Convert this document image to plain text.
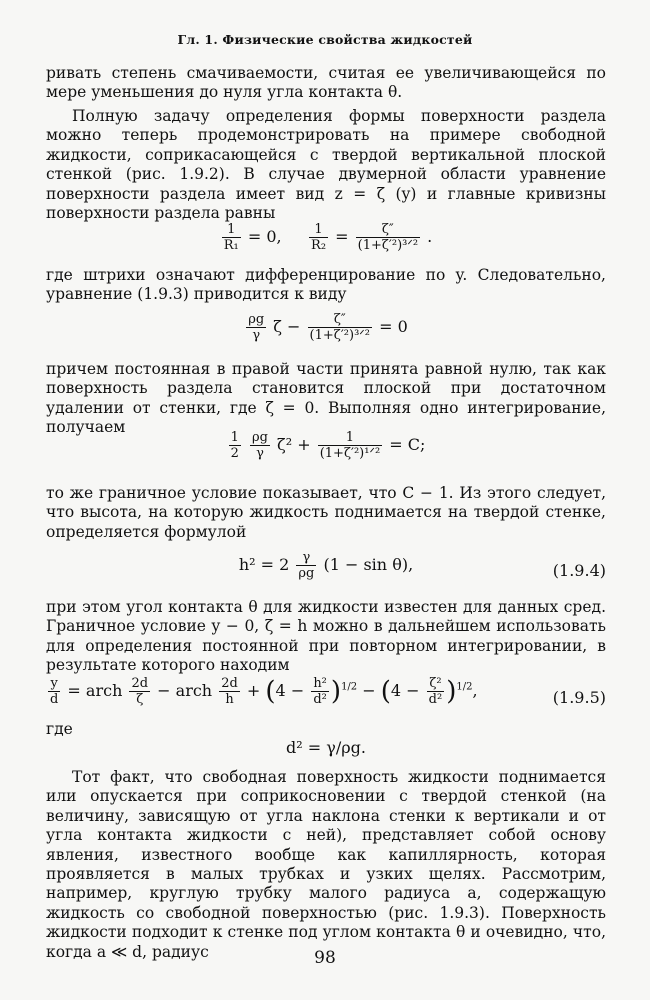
Гл. 1. Физические свойства жидкостей
ривать степень смачиваемости, считая ее увеличивающейся по мере уменьшения до нуля угла контакта θ.
Полную задачу определения формы поверхности раздела можно теперь продемонстрировать на примере свободной жидкости, соприкасающейся с твердой вертикальной плоской стенкой (рис. 1.9.2). В случае двумерной области уравнение поверхности раздела имеет вид z = ζ (y) и главные кривизны поверхности раздела равны
$\frac{1}{\text{R₁}} = 0$, $\frac{1}{\text{R₂}} = \frac{\zeta''}{\text{(1+ζ′²)³ᐟ²}}$ .
где штрихи означают дифференцирование по y. Следовательно, уравнение (1.9.3) приводится к виду
$\frac{\rho g}{\gamma}$ $\zeta - \frac{\zeta''}{\text{(1+ζ′²)³ᐟ²}} = 0$
причем постоянная в правой части принята равной нулю, так как поверхность раздела становится плоской при достаточном удалении от стенки, где ζ = 0. Выполняя одно интегрирование, получаем
$\frac{1}{2}$
$\frac{\rho g}{\gamma} \zeta^2 + \frac{1}{\text{(1+ζ′²)¹ᐟ²}} = C$;
то же граничное условие показывает, что C − 1. Из этого следует, что высота, на которую жидкость поднимается на твердой стенке, определяется формулой
$h^2 = 2 \frac{\gamma}{\rho g} (1 - \sin \theta)$,	(1.9.4)
при этом угол контакта θ для жидкости известен для данных сред. Граничное условие y − 0, ζ = h можно в дальнейшем использовать для определения постоянной при повторном интегрировании, в результате которого находим
$\frac{y}{d}$ = arch $\frac{2d}{\zeta}$ − arch $\frac{2d}{h} + (4 - \frac{\text{h²}}{\text{d²}} )^{1/2} - (4 - \frac{\text{ζ²}}{\text{d²}} )^{1/2}$,	(1.9.5)
где
d² = γ/ρg.
Тот факт, что свободная поверхность жидкости поднимается или опускается при соприкосновении с твердой стенкой (на величину, зависящую от угла наклона стенки к вертикали и от угла контакта жидкости с ней), представляет собой основу явления, известного вообще как капиллярность, которая проявляется в малых трубках и узких щелях. Рассмотрим, например, круглую трубку малого радиуса a, содержащую жидкость со свободной поверхностью (рис. 1.9.3). Поверхность жидкости подходит к стенке под углом контакта θ и очевидно, что, когда a ≪ d, радиус	98
